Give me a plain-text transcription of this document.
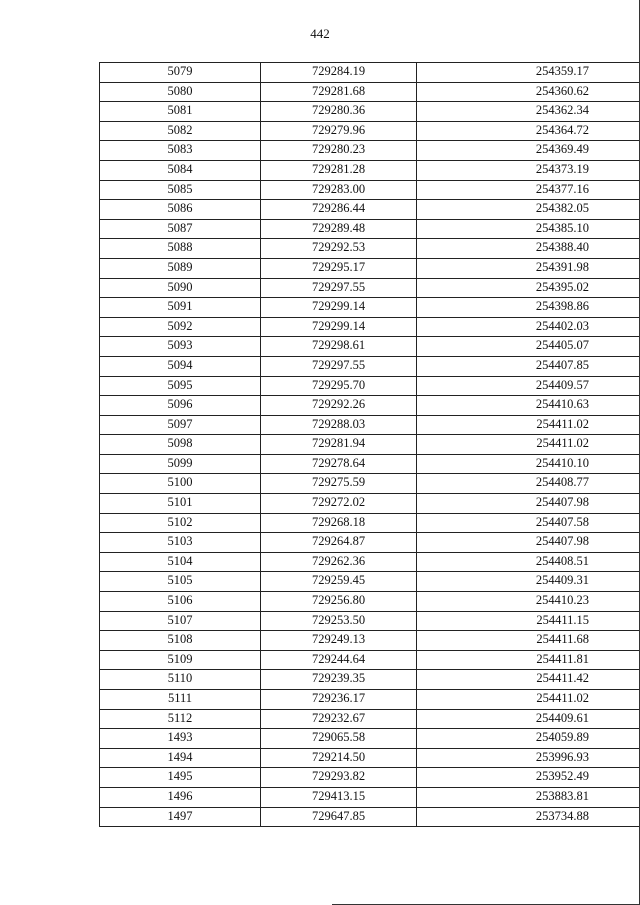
442
5079	729284.19	254359.17
5080	729281.68	254360.62
5081	729280.36	254362.34
5082	729279.96	254364.72
5083	729280.23	254369.49
5084	729281.28	254373.19
5085	729283.00	254377.16
5086	729286.44	254382.05
5087	729289.48	254385.10
5088	729292.53	254388.40
5089	729295.17	254391.98
5090	729297.55	254395.02
5091	729299.14	254398.86
5092	729299.14	254402.03
5093	729298.61	254405.07
5094	729297.55	254407.85
5095	729295.70	254409.57
5096	729292.26	254410.63
5097	729288.03	254411.02
5098	729281.94	254411.02
5099	729278.64	254410.10
5100	729275.59	254408.77
5101	729272.02	254407.98
5102	729268.18	254407.58
5103	729264.87	254407.98
5104	729262.36	254408.51
5105	729259.45	254409.31
5106	729256.80	254410.23
5107	729253.50	254411.15
5108	729249.13	254411.68
5109	729244.64	254411.81
5110	729239.35	254411.42
5111	729236.17	254411.02
5112	729232.67	254409.61
1493	729065.58	254059.89
1494	729214.50	253996.93
1495	729293.82	253952.49
1496	729413.15	253883.81
1497	729647.85	253734.88
